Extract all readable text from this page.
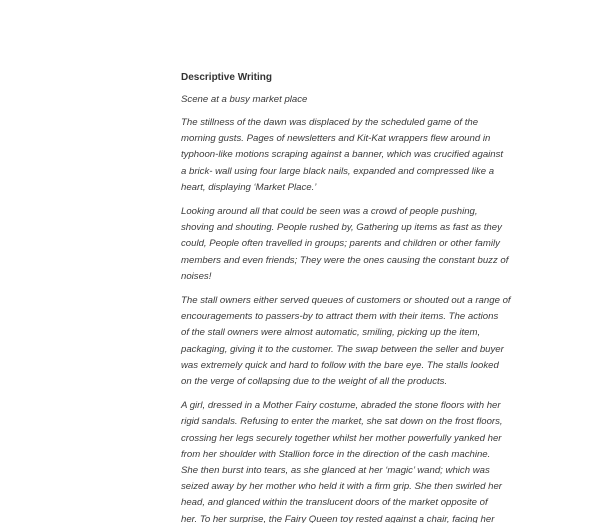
Descriptive Writing
Scene at a busy market place
The stillness of the dawn was displaced by the scheduled game of the
morning gusts. Pages of newsletters and Kit-Kat wrappers flew around in
typhoon-like motions scraping against a banner, which was crucified against
a brick- wall using four large black nails, expanded and compressed like a
heart, displaying ‘Market Place.’
Looking around all that could be seen was a crowd of people pushing,
shoving and shouting. People rushed by, Gathering up items as fast as they
could, People often travelled in groups; parents and children or other family
members and even friends; They were the ones causing the constant buzz of
noises!
The stall owners either served queues of customers or shouted out a range of
encouragements to passers-by to attract them with their items. The actions
of the stall owners were almost automatic, smiling, picking up the item,
packaging, giving it to the customer. The swap between the seller and buyer
was extremely quick and hard to follow with the bare eye. The stalls looked
on the verge of collapsing due to the weight of all the products.
A girl, dressed in a Mother Fairy costume, abraded the stone floors with her
rigid sandals. Refusing to enter the market, she sat down on the frost floors,
crossing her legs securely together whilst her mother powerfully yanked her
from her shoulder with Stallion force in the direction of the cash machine.
She then burst into tears, as she glanced at her ‘magic’ wand; which was
seized away by her mother who held it with a firm grip. She then swirled her
head, and glanced within the translucent doors of the market opposite of
her. To her surprise, the Fairy Queen toy rested against a chair, facing her
